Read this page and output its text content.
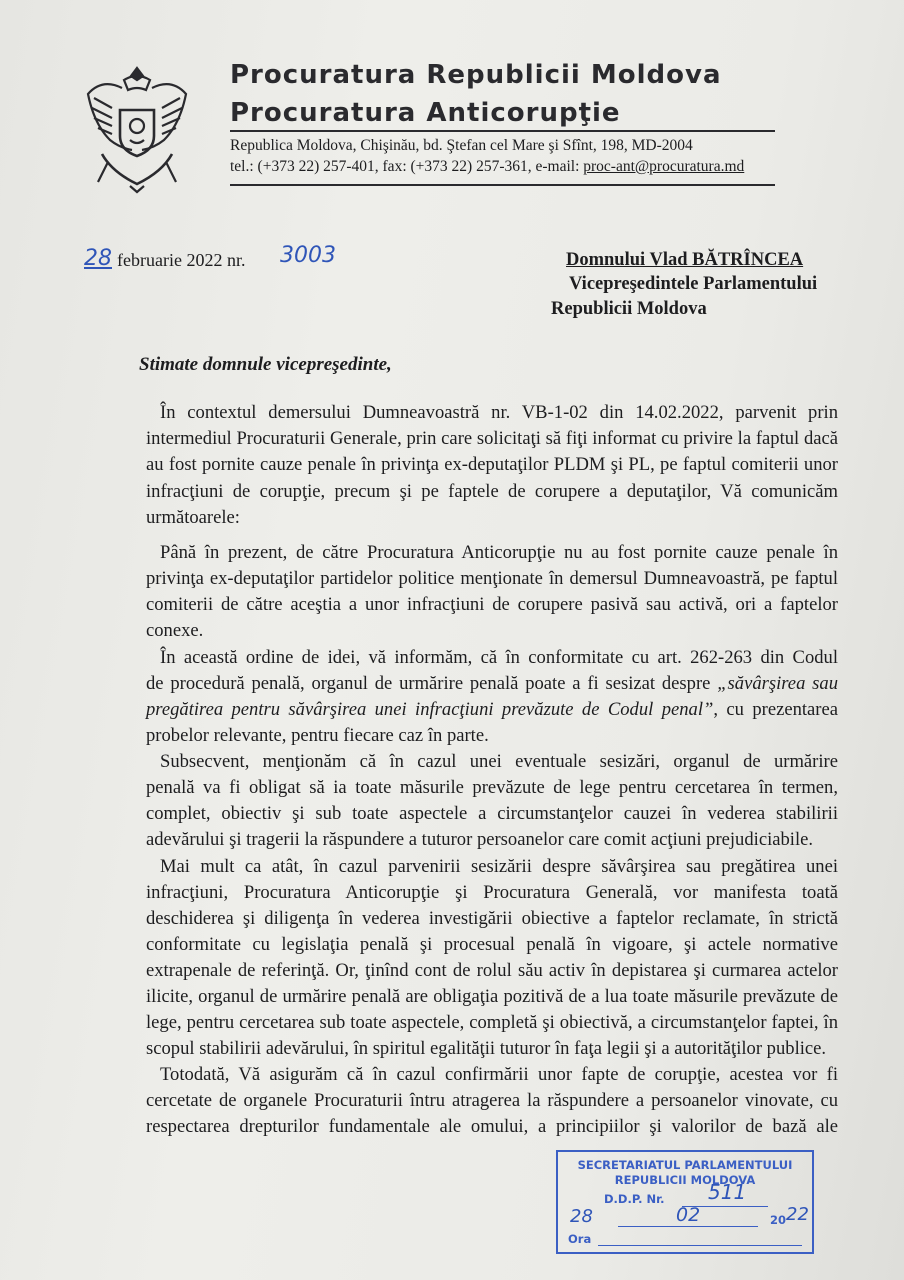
Procuratura Republicii Moldova
Procuratura Anticorupţie
Republica Moldova, Chişinău, bd. Ştefan cel Mare şi Sfînt, 198, MD-2004
tel.: (+373 22) 257-401, fax: (+373 22) 257-361, e-mail: proc-ant@procuratura.md
28 februarie 2022 nr. 3003	Domnului Vlad BĂTRÎNCEA
Vicepreşedintele Parlamentului
Republicii Moldova
Stimate domnule vicepreşedinte,
În contextul demersului Dumneavoastră nr. VB-1-02 din 14.02.2022, parvenit prin
intermediul Procuraturii Generale, prin care solicitaţi să fiţi informat cu privire la faptul dacă
au fost pornite cauze penale în privinţa ex-deputaţilor PLDM şi PL, pe faptul comiterii unor
infracţiuni de corupţie, precum şi pe faptele de corupere a deputaţilor, Vă comunicăm
următoarele:
Până în prezent, de către Procuratura Anticorupţie nu au fost pornite cauze penale în
privinţa ex-deputaţilor partidelor politice menţionate în demersul Dumneavoastră, pe faptul
comiterii de către aceştia a unor infracţiuni de corupere pasivă sau activă, ori a faptelor
conexe.
În această ordine de idei, vă informăm, că în conformitate cu art. 262-263 din Codul
de procedură penală, organul de urmărire penală poate a fi sesizat despre „săvârşirea sau
pregătirea pentru săvârşirea unei infracţiuni prevăzute de Codul penal”, cu prezentarea
probelor relevante, pentru fiecare caz în parte.
Subsecvent, menţionăm că în cazul unei eventuale sesizări, organul de urmărire
penală va fi obligat să ia toate măsurile prevăzute de lege pentru cercetarea în termen,
complet, obiectiv şi sub toate aspectele a circumstanţelor cauzei în vederea stabilirii
adevărului şi tragerii la răspundere a tuturor persoanelor care comit acţiuni prejudiciabile.
Mai mult ca atât, în cazul parvenirii sesizării despre săvârşirea sau pregătirea unei
infracţiuni, Procuratura Anticorupţie şi Procuratura Generală, vor manifesta toată
deschiderea şi diligenţa în vederea investigării obiective a faptelor reclamate, în strictă
conformitate cu legislaţia penală şi procesual penală în vigoare, şi actele normative
extrapenale de referinţă. Or, ţinînd cont de rolul său activ în depistarea şi curmarea actelor
ilicite, organul de urmărire penală are obligaţia pozitivă de a lua toate măsurile prevăzute de
lege, pentru cercetarea sub toate aspectele, completă şi obiectivă, a circumstanţelor faptei, în
scopul stabilirii adevărului, în spiritul egalităţii tuturor în faţa legii şi a autorităţilor publice.
Totodată, Vă asigurăm că în cazul confirmării unor fapte de corupţie, acestea vor fi
cercetate de organele Procuraturii întru atragerea la răspundere a persoanelor vinovate, cu
respectarea drepturilor fundamentale ale omului, a principiilor şi valorilor de bază ale
SECRETARIATUL PARLAMENTULUI
REPUBLICII MOLDOVA
D.D.P. Nr. 511
28	02	20 22
Ora
